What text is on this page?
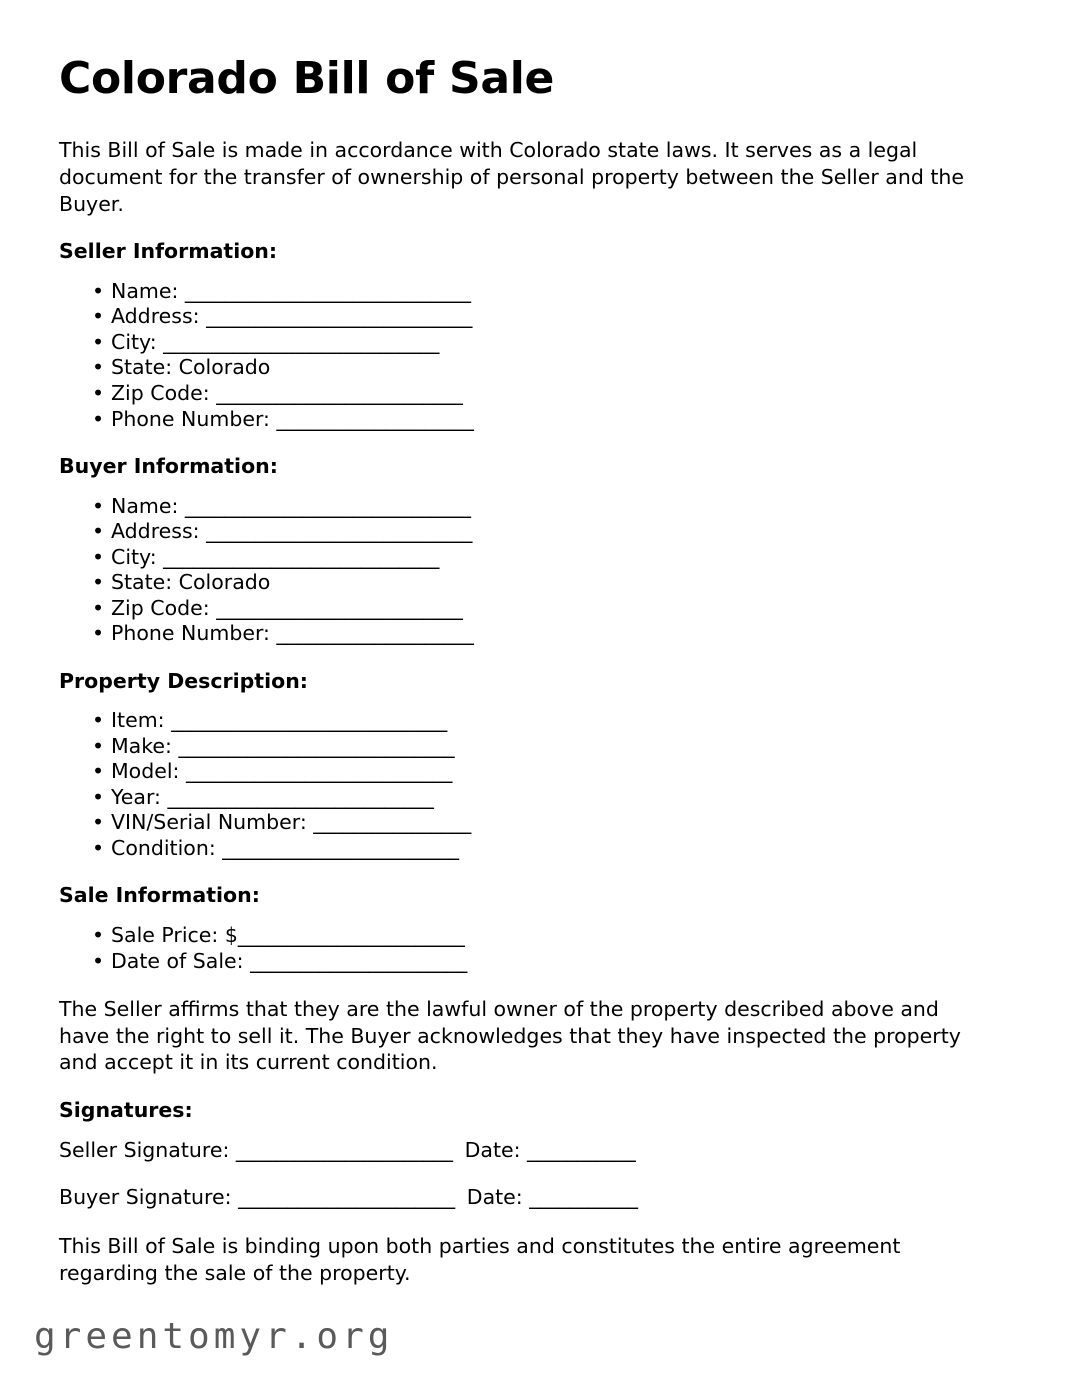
Colorado Bill of Sale

This Bill of Sale is made in accordance with Colorado state laws. It serves as a legal document for the transfer of ownership of personal property between the Seller and the Buyer.

Seller Information:
• Name: _____________________________
• Address: ___________________________
• City: ____________________________
• State: Colorado
• Zip Code: _________________________
• Phone Number: ____________________
Buyer Information:
• Name: _____________________________
• Address: ___________________________
• City: ____________________________
• State: Colorado
• Zip Code: _________________________
• Phone Number: ____________________
Property Description:
• Item: ____________________________
• Make: ____________________________
• Model: ___________________________
• Year: ___________________________
• VIN/Serial Number: ________________
• Condition: ________________________
Sale Information:
• Sale Price: $_______________________
• Date of Sale: ______________________

The Seller affirms that they are the lawful owner of the property described above and have the right to sell it. The Buyer acknowledges that they have inspected the property and accept it in its current condition.

Signatures:
Seller Signature: ______________________ Date: ___________
Buyer Signature: ______________________ Date: ___________

This Bill of Sale is binding upon both parties and constitutes the entire agreement regarding the sale of the property.

greentomyr.org
